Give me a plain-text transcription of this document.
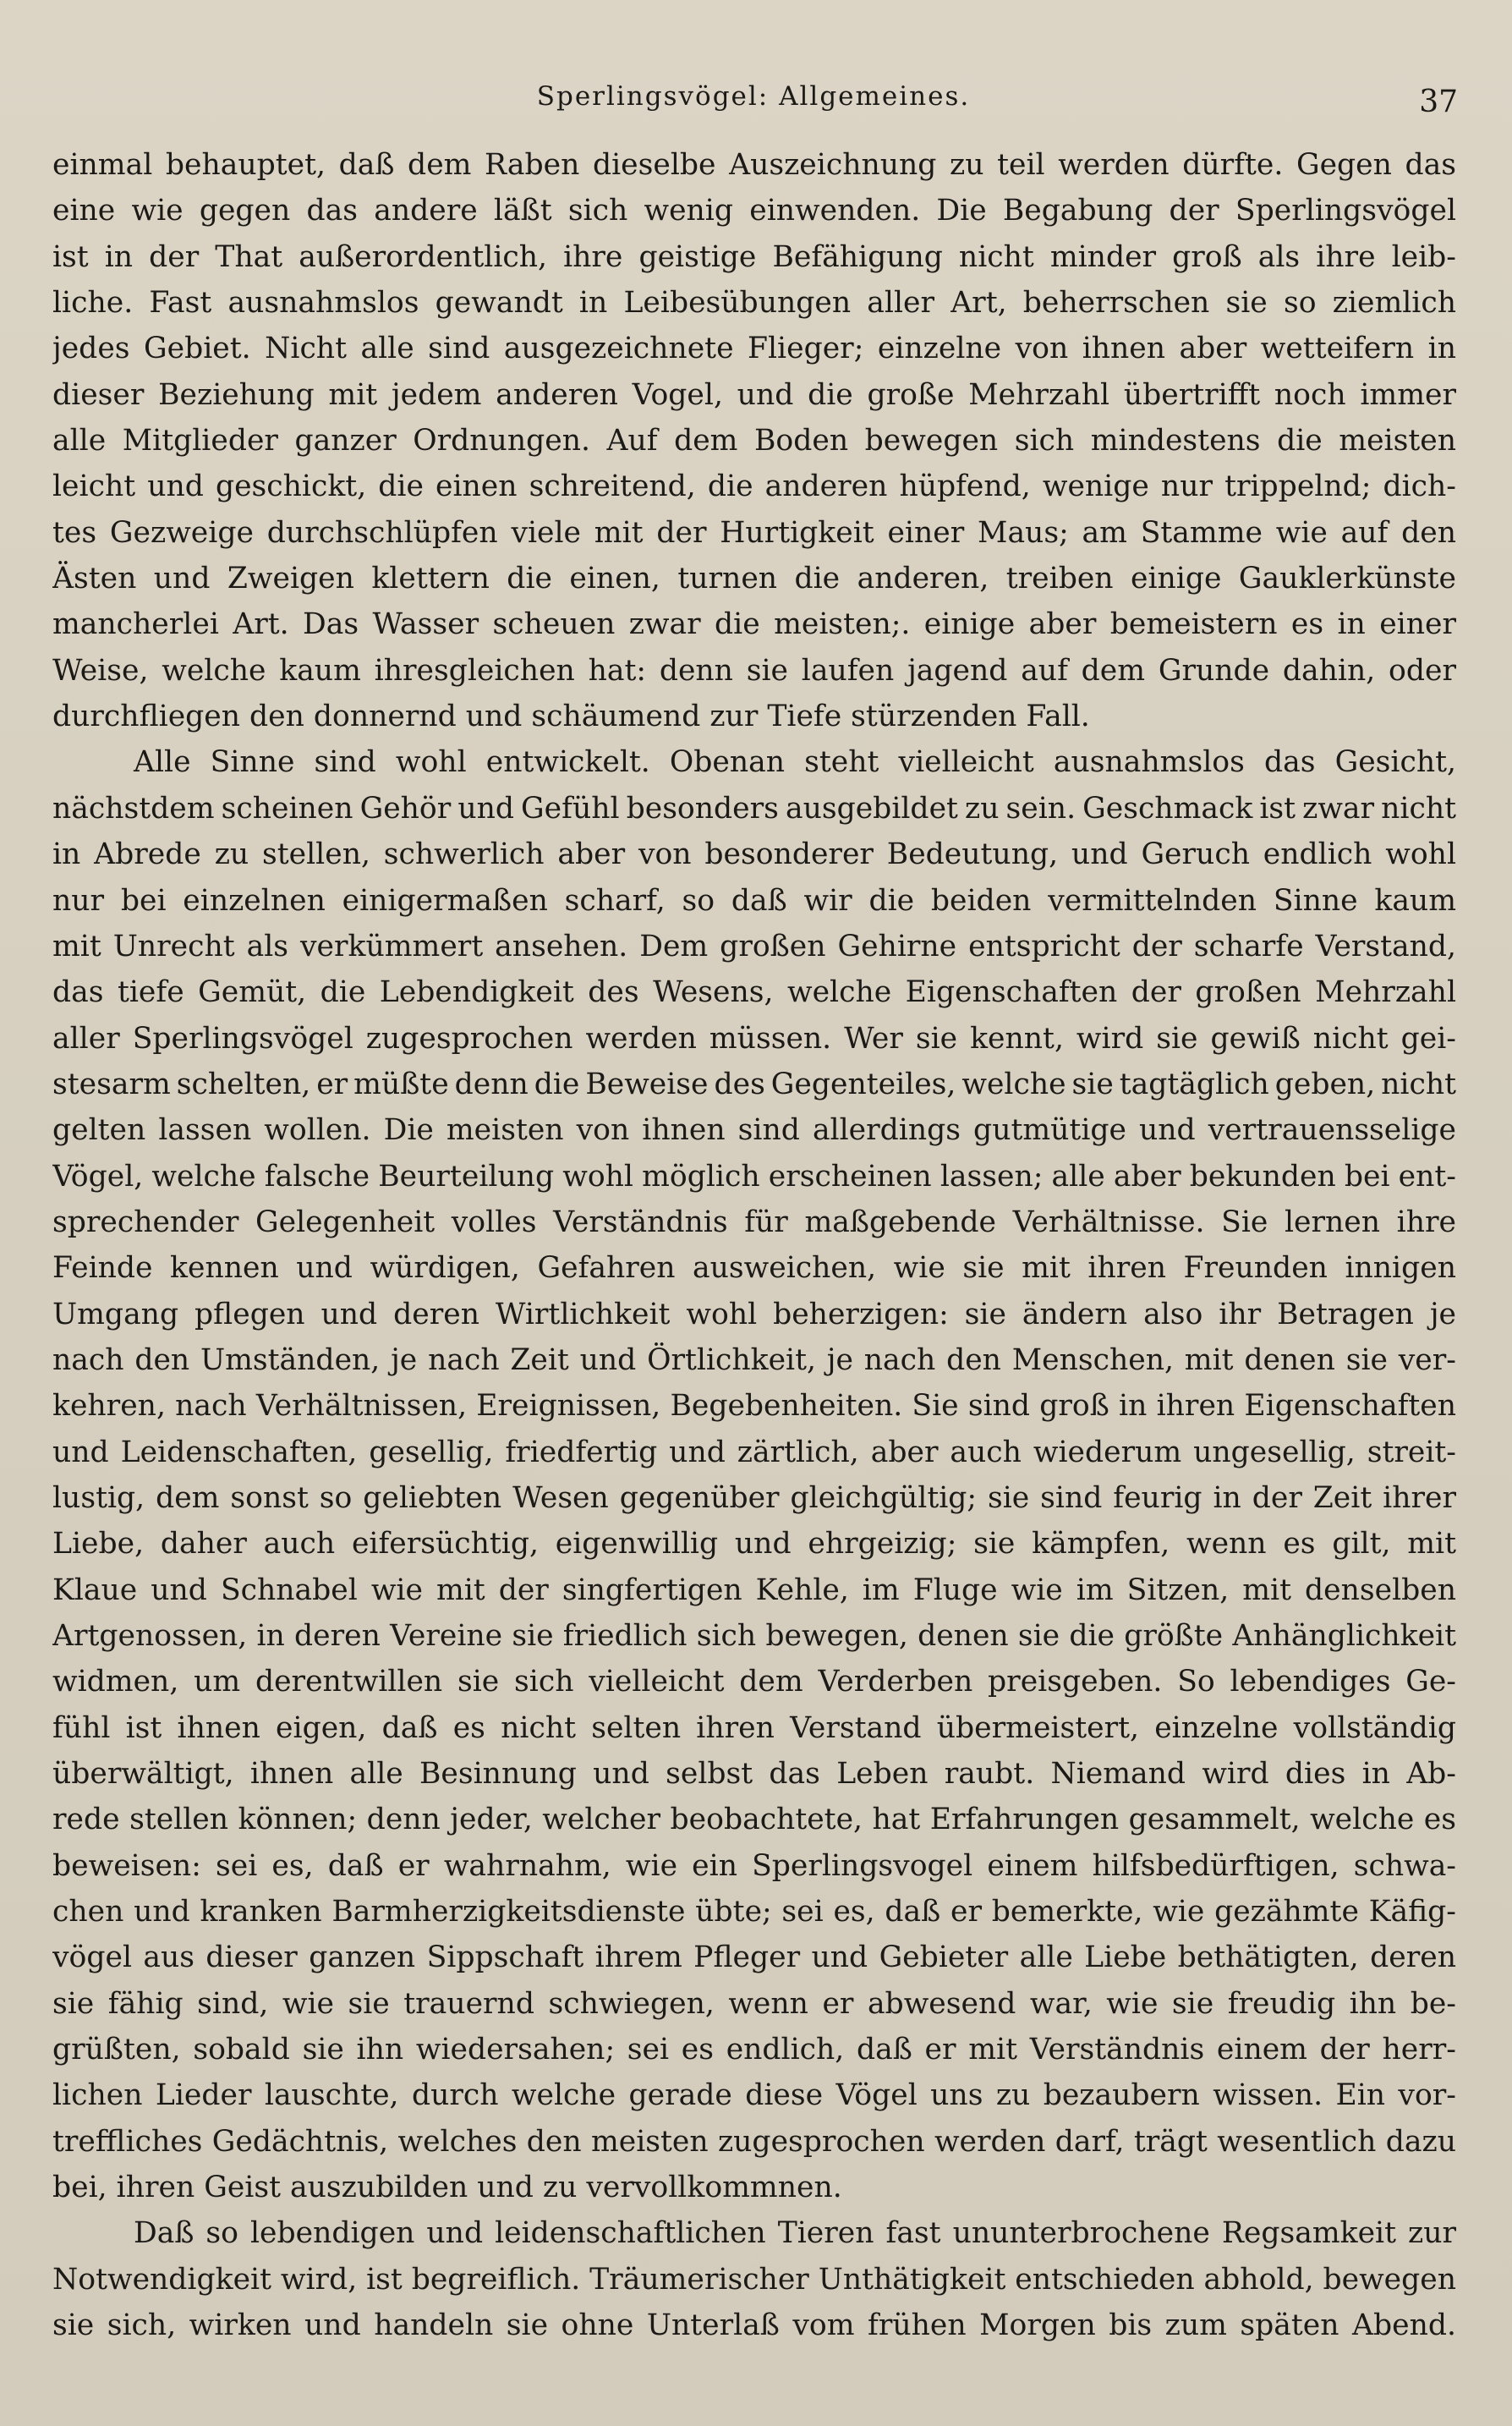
Sperlingsvögel: Allgemeines.	37
einmal behauptet, daß dem Raben dieselbe Auszeichnung zu teil werden dürfte. Gegen das
eine wie gegen das andere läßt sich wenig einwenden. Die Begabung der Sperlingsvögel
ist in der That außerordentlich, ihre geistige Befähigung nicht minder groß als ihre leib-
liche. Fast ausnahmslos gewandt in Leibesübungen aller Art, beherrschen sie so ziemlich
jedes Gebiet. Nicht alle sind ausgezeichnete Flieger; einzelne von ihnen aber wetteifern in
dieser Beziehung mit jedem anderen Vogel, und die große Mehrzahl übertrifft noch immer
alle Mitglieder ganzer Ordnungen. Auf dem Boden bewegen sich mindestens die meisten
leicht und geschickt, die einen schreitend, die anderen hüpfend, wenige nur trippelnd; dich-
tes Gezweige durchschlüpfen viele mit der Hurtigkeit einer Maus; am Stamme wie auf den
Ästen und Zweigen klettern die einen, turnen die anderen, treiben einige Gauklerkünste
mancherlei Art. Das Wasser scheuen zwar die meisten;. einige aber bemeistern es in einer
Weise, welche kaum ihresgleichen hat: denn sie laufen jagend auf dem Grunde dahin, oder
durchfliegen den donnernd und schäumend zur Tiefe stürzenden Fall.
Alle Sinne sind wohl entwickelt. Obenan steht vielleicht ausnahmslos das Gesicht,
nächstdem scheinen Gehör und Gefühl besonders ausgebildet zu sein. Geschmack ist zwar nicht
in Abrede zu stellen, schwerlich aber von besonderer Bedeutung, und Geruch endlich wohl
nur bei einzelnen einigermaßen scharf, so daß wir die beiden vermittelnden Sinne kaum
mit Unrecht als verkümmert ansehen. Dem großen Gehirne entspricht der scharfe Verstand,
das tiefe Gemüt, die Lebendigkeit des Wesens, welche Eigenschaften der großen Mehrzahl
aller Sperlingsvögel zugesprochen werden müssen. Wer sie kennt, wird sie gewiß nicht gei-
stesarm schelten, er müßte denn die Beweise des Gegenteiles, welche sie tagtäglich geben, nicht
gelten lassen wollen. Die meisten von ihnen sind allerdings gutmütige und vertrauensselige
Vögel, welche falsche Beurteilung wohl möglich erscheinen lassen; alle aber bekunden bei ent-
sprechender Gelegenheit volles Verständnis für maßgebende Verhältnisse. Sie lernen ihre
Feinde kennen und würdigen, Gefahren ausweichen, wie sie mit ihren Freunden innigen
Umgang pflegen und deren Wirtlichkeit wohl beherzigen: sie ändern also ihr Betragen je
nach den Umständen, je nach Zeit und Örtlichkeit, je nach den Menschen, mit denen sie ver-
kehren, nach Verhältnissen, Ereignissen, Begebenheiten. Sie sind groß in ihren Eigenschaften
und Leidenschaften, gesellig, friedfertig und zärtlich, aber auch wiederum ungesellig, streit-
lustig, dem sonst so geliebten Wesen gegenüber gleichgültig; sie sind feurig in der Zeit ihrer
Liebe, daher auch eifersüchtig, eigenwillig und ehrgeizig; sie kämpfen, wenn es gilt, mit
Klaue und Schnabel wie mit der singfertigen Kehle, im Fluge wie im Sitzen, mit denselben
Artgenossen, in deren Vereine sie friedlich sich bewegen, denen sie die größte Anhänglichkeit
widmen, um derentwillen sie sich vielleicht dem Verderben preisgeben. So lebendiges Ge-
fühl ist ihnen eigen, daß es nicht selten ihren Verstand übermeistert, einzelne vollständig
überwältigt, ihnen alle Besinnung und selbst das Leben raubt. Niemand wird dies in Ab-
rede stellen können; denn jeder, welcher beobachtete, hat Erfahrungen gesammelt, welche es
beweisen: sei es, daß er wahrnahm, wie ein Sperlingsvogel einem hilfsbedürftigen, schwa-
chen und kranken Barmherzigkeitsdienste übte; sei es, daß er bemerkte, wie gezähmte Käfig-
vögel aus dieser ganzen Sippschaft ihrem Pfleger und Gebieter alle Liebe bethätigten, deren
sie fähig sind, wie sie trauernd schwiegen, wenn er abwesend war, wie sie freudig ihn be-
grüßten, sobald sie ihn wiedersahen; sei es endlich, daß er mit Verständnis einem der herr-
lichen Lieder lauschte, durch welche gerade diese Vögel uns zu bezaubern wissen. Ein vor-
treffliches Gedächtnis, welches den meisten zugesprochen werden darf, trägt wesentlich dazu
bei, ihren Geist auszubilden und zu vervollkommnen.
Daß so lebendigen und leidenschaftlichen Tieren fast ununterbrochene Regsamkeit zur
Notwendigkeit wird, ist begreiflich. Träumerischer Unthätigkeit entschieden abhold, bewegen
sie sich, wirken und handeln sie ohne Unterlaß vom frühen Morgen bis zum späten Abend.
